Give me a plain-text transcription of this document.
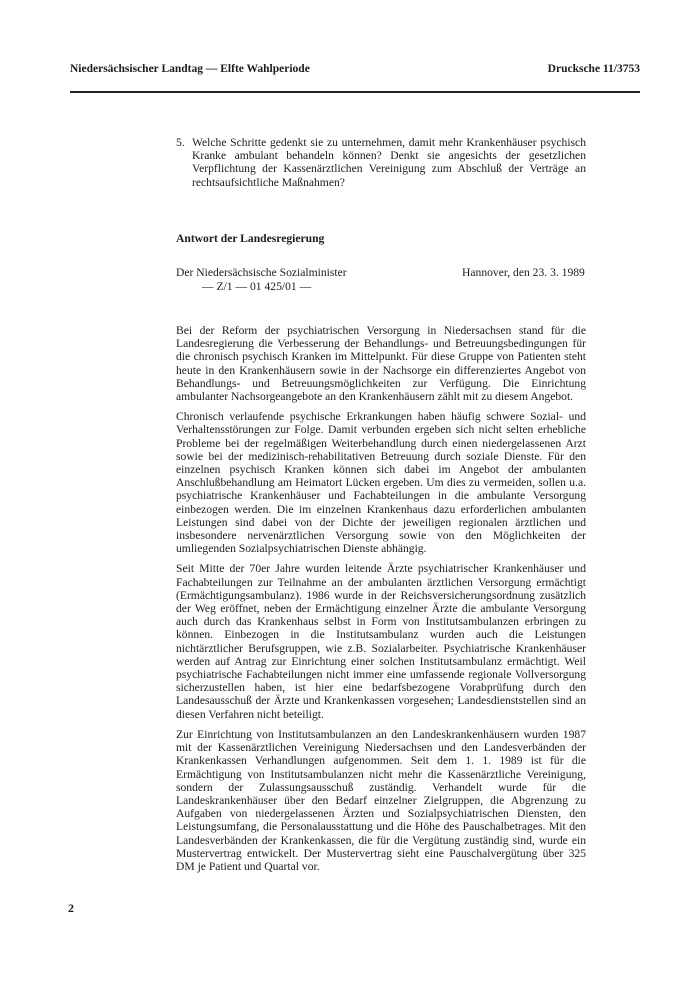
Niedersächsischer Landtag — Elfte Wahlperiode	Drucksche 11/3753
5. Welche Schritte gedenkt sie zu unternehmen, damit mehr Krankenhäuser psychisch Kranke ambulant behandeln können? Denkt sie angesichts der gesetzlichen Verpflichtung der Kassenärztlichen Vereinigung zum Abschluß der Verträge an rechtsaufsichtliche Maßnahmen?
Antwort der Landesregierung
Der Niedersächsische Sozialminister
— Z/1 — 01 425/01 —
Hannover, den 23. 3. 1989

Bei der Reform der psychiatrischen Versorgung in Niedersachsen stand für die Landesregierung die Verbesserung der Behandlungs- und Betreuungsbedingungen für die chronisch psychisch Kranken im Mittelpunkt. Für diese Gruppe von Patienten steht heute in den Krankenhäusern sowie in der Nachsorge ein differenziertes Angebot von Behandlungs- und Betreuungsmöglichkeiten zur Verfügung. Die Einrichtung ambulanter Nachsorgeangebote an den Krankenhäusern zählt mit zu diesem Angebot.

Chronisch verlaufende psychische Erkrankungen haben häufig schwere Sozial- und Verhaltensstörungen zur Folge. Damit verbunden ergeben sich nicht selten erhebliche Probleme bei der regelmäßigen Weiterbehandlung durch einen niedergelassenen Arzt sowie bei der medizinisch-rehabilitativen Betreuung durch soziale Dienste. Für den einzelnen psychisch Kranken können sich dabei im Angebot der ambulanten Anschlußbehandlung am Heimatort Lücken ergeben. Um dies zu vermeiden, sollen u.a. psychiatrische Krankenhäuser und Fachabteilungen in die ambulante Versorgung einbezogen werden. Die im einzelnen Krankenhaus dazu erforderlichen ambulanten Leistungen sind dabei von der Dichte der jeweiligen regionalen ärztlichen und insbesondere nervenärztlichen Versorgung sowie von den Möglichkeiten der umliegenden Sozialpsychiatrischen Dienste abhängig.

Seit Mitte der 70er Jahre wurden leitende Ärzte psychiatrischer Krankenhäuser und Fachabteilungen zur Teilnahme an der ambulanten ärztlichen Versorgung ermächtigt (Ermächtigungsambulanz). 1986 wurde in der Reichsversicherungsordnung zusätzlich der Weg eröffnet, neben der Ermächtigung einzelner Ärzte die ambulante Versorgung auch durch das Krankenhaus selbst in Form von Institutsambulanzen erbringen zu können. Einbezogen in die Institutsambulanz wurden auch die Leistungen nichtärztlicher Berufsgruppen, wie z.B. Sozialarbeiter. Psychiatrische Krankenhäuser werden auf Antrag zur Einrichtung einer solchen Institutsambulanz ermächtigt. Weil psychiatrische Fachabteilungen nicht immer eine umfassende regionale Vollversorgung sicherzustellen haben, ist hier eine bedarfsbezogene Vorabprüfung durch den Landesausschuß der Ärzte und Krankenkassen vorgesehen; Landesdienststellen sind an diesen Verfahren nicht beteiligt.

Zur Einrichtung von Institutsambulanzen an den Landeskrankenhäusern wurden 1987 mit der Kassenärztlichen Vereinigung Niedersachsen und den Landesverbänden der Krankenkassen Verhandlungen aufgenommen. Seit dem 1. 1. 1989 ist für die Ermächtigung von Institutsambulanzen nicht mehr die Kassenärztliche Vereinigung, sondern der Zulassungsausschuß zuständig. Verhandelt wurde für die Landeskrankenhäuser über den Bedarf einzelner Zielgruppen, die Abgrenzung zu Aufgaben von niedergelassenen Ärzten und Sozialpsychiatrischen Diensten, den Leistungsumfang, die Personalausstattung und die Höhe des Pauschalbetrages. Mit den Landesverbänden der Krankenkassen, die für die Vergütung zuständig sind, wurde ein Mustervertrag entwickelt. Der Mustervertrag sieht eine Pauschalvergütung über 325 DM je Patient und Quartal vor.

2
